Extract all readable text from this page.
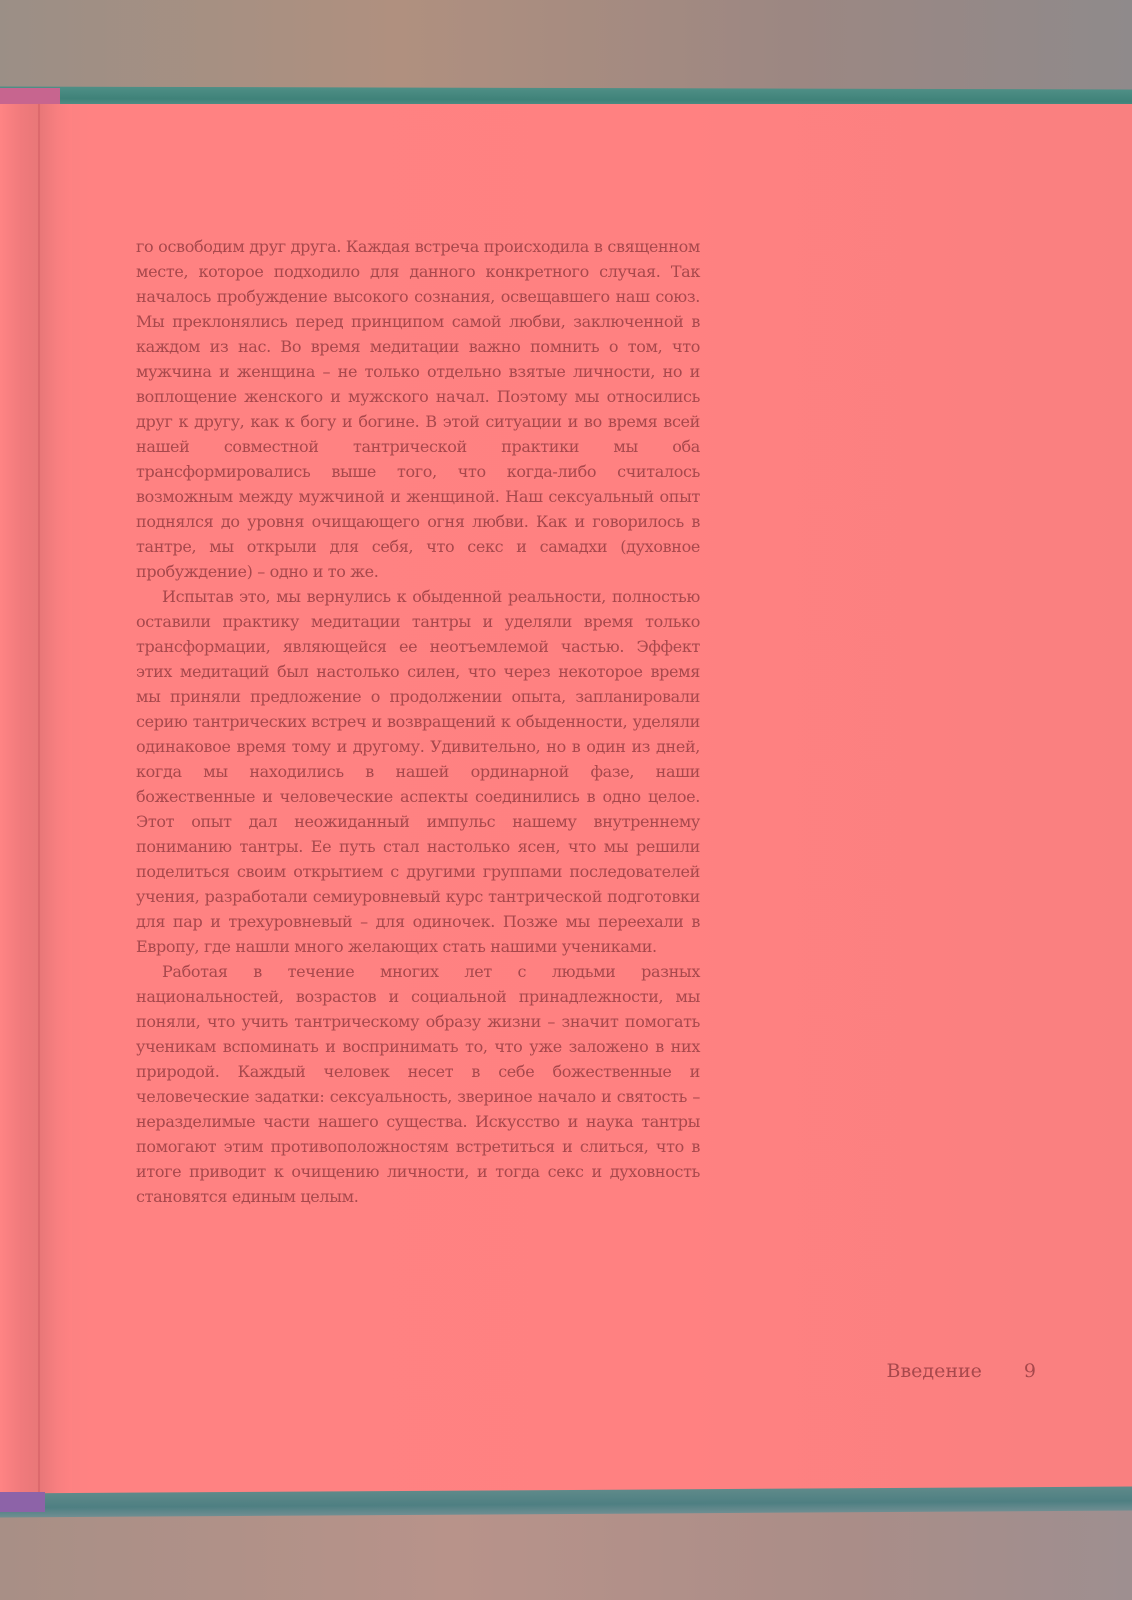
го освободим друг друга. Каждая встреча происходила в священном месте, которое подходило для данного конкретного случая. Так началось пробуждение высокого сознания, освещавшего наш союз. Мы преклонялись перед принципом самой любви, заключенной в каждом из нас. Во время медитации важно помнить о том, что мужчина и женщина – не только отдельно взятые личности, но и воплощение женского и мужского начал. Поэтому мы относились друг к другу, как к богу и богине. В этой ситуации и во время всей нашей совместной тантрической практики мы оба трансформировались выше того, что когда-либо считалось возможным между мужчиной и женщиной. Наш сексуальный опыт поднялся до уровня очищающего огня любви. Как и говорилось в тантре, мы открыли для себя, что секс и самадхи (духовное пробуждение) – одно и то же.

Испытав это, мы вернулись к обыденной реальности, полностью оставили практику медитации тантры и уделяли время только трансформации, являющейся ее неотъемлемой частью. Эффект этих медитаций был настолько силен, что через некоторое время мы приняли предложение о продолжении опыта, запланировали серию тантрических встреч и возвращений к обыденности, уделяли одинаковое время тому и другому. Удивительно, но в один из дней, когда мы находились в нашей ординарной фазе, наши божественные и человеческие аспекты соединились в одно целое. Этот опыт дал неожиданный импульс нашему внутреннему пониманию тантры. Ее путь стал настолько ясен, что мы решили поделиться своим открытием с другими группами последователей учения, разработали семиуровневый курс тантрической подготовки для пар и трехуровневый – для одиночек. Позже мы переехали в Европу, где нашли много желающих стать нашими учениками.

Работая в течение многих лет с людьми разных национальностей, возрастов и социальной принадлежности, мы поняли, что учить тантрическому образу жизни – значит помогать ученикам вспоминать и воспринимать то, что уже заложено в них природой. Каждый человек несет в себе божественные и человеческие задатки: сексуальность, звериное начало и святость – неразделимые части нашего существа. Искусство и наука тантры помогают этим противоположностям встретиться и слиться, что в итоге приводит к очищению личности, и тогда секс и духовность становятся единым целым.

Введение 9
